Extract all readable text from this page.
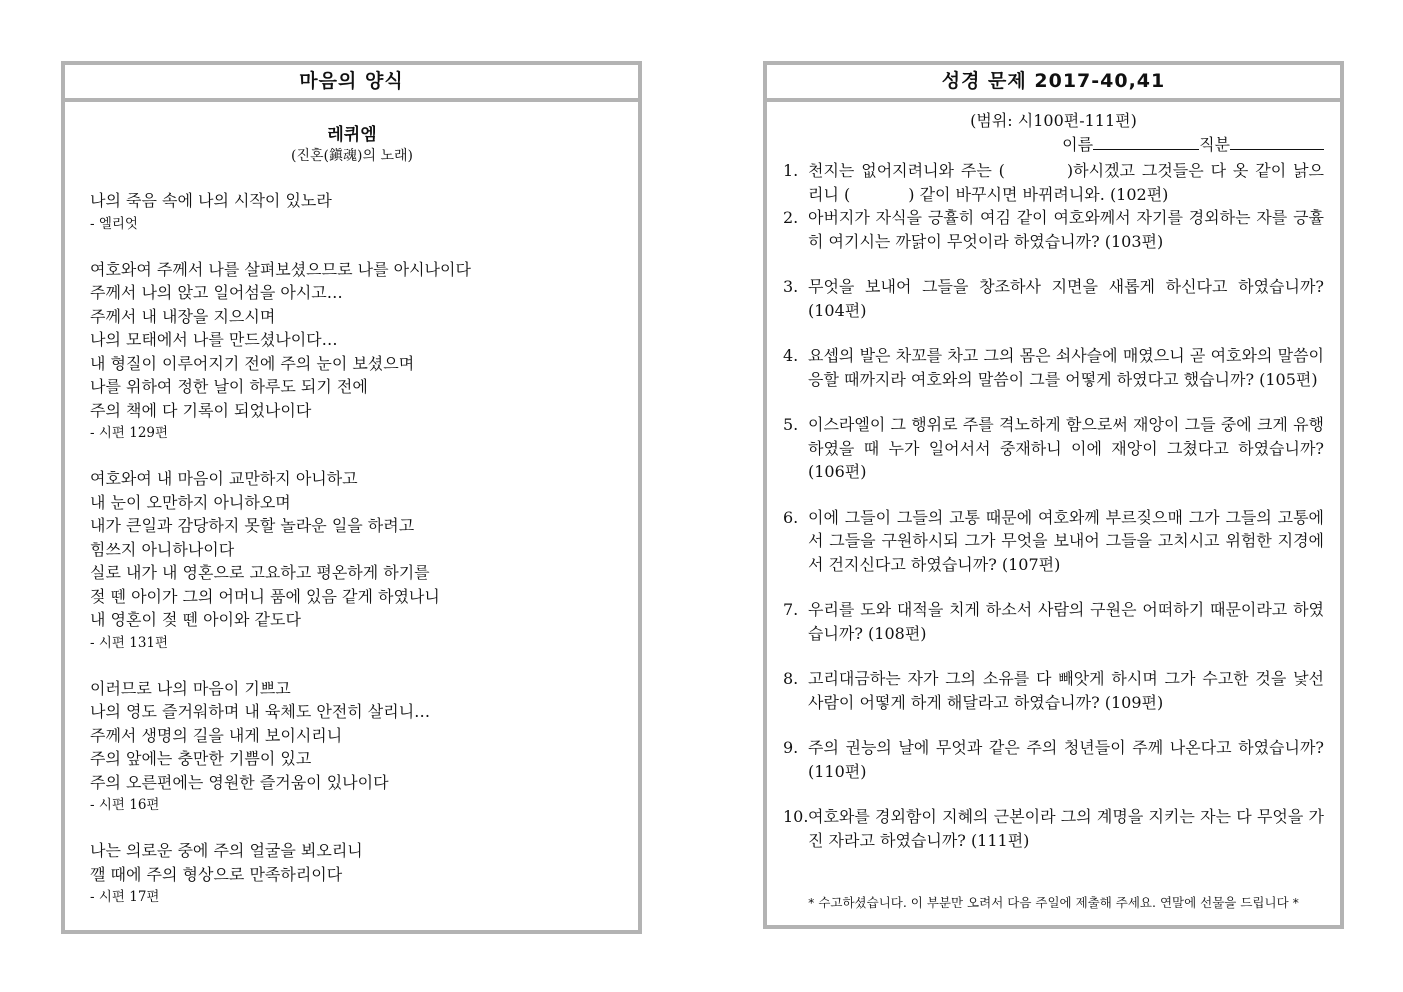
마음의 양식
레퀴엠
(진혼(鎭魂)의 노래)
나의 죽음 속에 나의 시작이 있노라
- 엘리엇
여호와여 주께서 나를 살펴보셨으므로 나를 아시나이다
주께서 나의 앉고 일어섬을 아시고…
주께서 내 내장을 지으시며
나의 모태에서 나를 만드셨나이다…
내 형질이 이루어지기 전에 주의 눈이 보셨으며
나를 위하여 정한 날이 하루도 되기 전에
주의 책에 다 기록이 되었나이다
- 시편 129편
여호와여 내 마음이 교만하지 아니하고
내 눈이 오만하지 아니하오며
내가 큰일과 감당하지 못할 놀라운 일을 하려고
힘쓰지 아니하나이다
실로 내가 내 영혼으로 고요하고 평온하게 하기를
젖 뗀 아이가 그의 어머니 품에 있음 같게 하였나니
내 영혼이 젖 뗀 아이와 같도다
- 시편 131편
이러므로 나의 마음이 기쁘고
나의 영도 즐거워하며 내 육체도 안전히 살리니…
주께서 생명의 길을 내게 보이시리니
주의 앞에는 충만한 기쁨이 있고
주의 오른편에는 영원한 즐거움이 있나이다
- 시편 16편
나는 의로운 중에 주의 얼굴을 뵈오리니
깰 때에 주의 형상으로 만족하리이다
- 시편 17편
성경 문제 2017-40,41
(범위: 시100편-111편)
이름	직분
1. 천지는 없어지려니와 주는 (	)하시겠고 그것들은 다 옷 같이 낡으리니 (	) 같이 바꾸시면 바뀌려니와. (102편)
2. 아버지가 자식을 긍휼히 여김 같이 여호와께서 자기를 경외하는 자를 긍휼히 여기시는 까닭이 무엇이라 하였습니까? (103편)
3. 무엇을 보내어 그들을 창조하사 지면을 새롭게 하신다고 하였습니까? (104편)
4. 요셉의 발은 차꼬를 차고 그의 몸은 쇠사슬에 매였으니 곧 여호와의 말씀이 응할 때까지라 여호와의 말씀이 그를 어떻게 하였다고 했습니까? (105편)
5. 이스라엘이 그 행위로 주를 격노하게 함으로써 재앙이 그들 중에 크게 유행하였을 때 누가 일어서서 중재하니 이에 재앙이 그쳤다고 하였습니까? (106편)
6. 이에 그들이 그들의 고통 때문에 여호와께 부르짖으매 그가 그들의 고통에서 그들을 구원하시되 그가 무엇을 보내어 그들을 고치시고 위험한 지경에서 건지신다고 하였습니까? (107편)
7. 우리를 도와 대적을 치게 하소서 사람의 구원은 어떠하기 때문이라고 하였습니까? (108편)
8. 고리대금하는 자가 그의 소유를 다 빼앗게 하시며 그가 수고한 것을 낯선 사람이 어떻게 하게 해달라고 하였습니까? (109편)
9. 주의 권능의 날에 무엇과 같은 주의 청년들이 주께 나온다고 하였습니까? (110편)
10. 여호와를 경외함이 지혜의 근본이라 그의 계명을 지키는 자는 다 무엇을 가진 자라고 하였습니까? (111편)
* 수고하셨습니다. 이 부분만 오려서 다음 주일에 제출해 주세요. 연말에 선물을 드립니다 *
